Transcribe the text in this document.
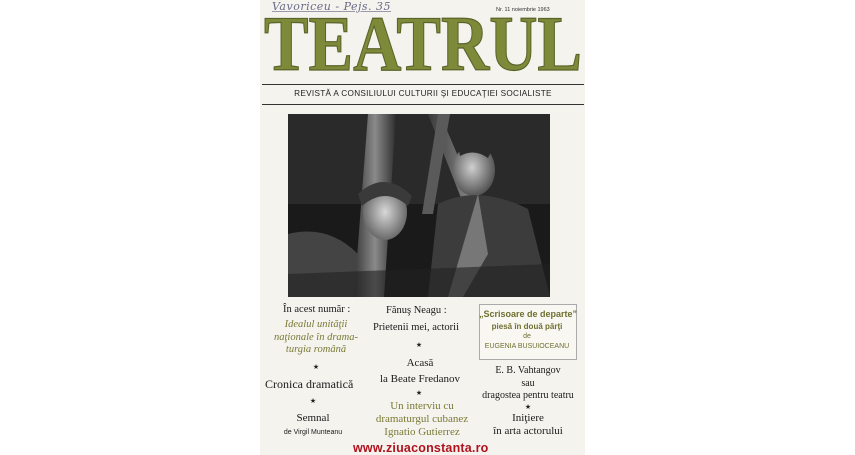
Vavoriceu - Pejs. 35	Nr. 11 noiembrie 1963
TEATRUL
REVISTĂ A CONSILIULUI CULTURII ŞI EDUCAŢIEI SOCIALISTE
În acest număr :
Idealul unităţii
naţionale în drama-
turgia română
★
Cronica dramatică
★
Semnal
de Virgil Munteanu
Fănuş Neagu :
Prietenii mei, actorii
★
Acasă
la Beate Fredanov
★
Un interviu cu
dramaturgul cubanez
Ignatio Gutierrez
„Scrisoare de departe”
piesă în două părţi
de
EUGENIA BUSUIOCEANU
E. B. Vahtangov
sau
dragostea pentru teatru
★
Iniţiere
în arta actorului
www.ziuaconstanta.ro
